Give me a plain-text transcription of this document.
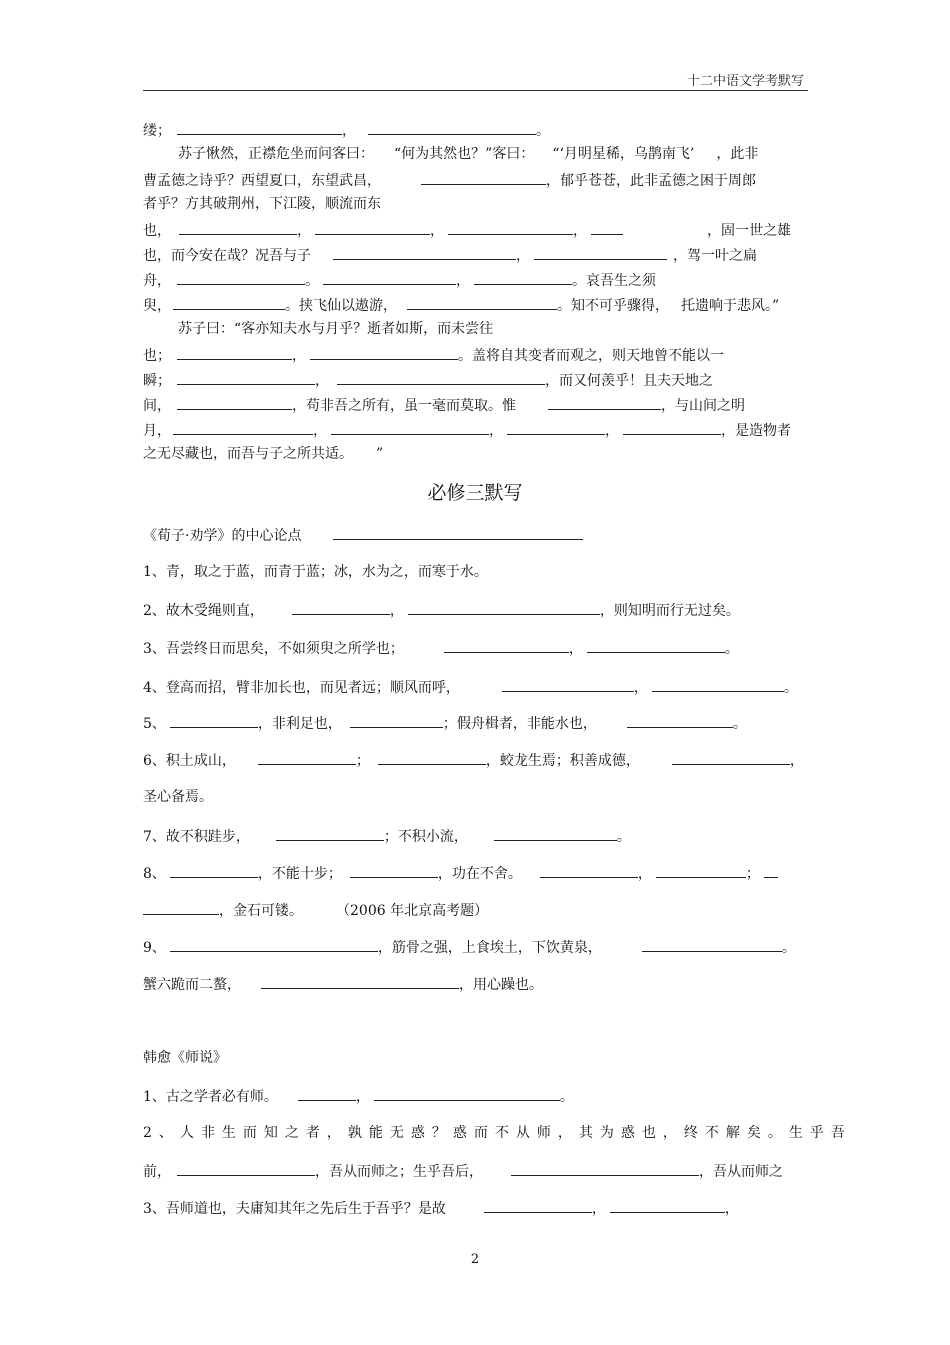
十二中语文学考默写
缕；	，	。
苏子愀然，正襟危坐而问客曰： “何为其然也？”客曰： “‘月明星稀，乌鹊南飞’ ，此非
曹孟德之诗乎？西望夏口，东望武昌，	，郁乎苍苍，此非孟德之困于周郎
者乎？方其破荆州，下江陵，顺流而东
也，	，	，	，	，固一世之雄
也，而今安在哉？况吾与子	，	，驾一叶之扁
舟，	。	，	。哀吾生之须
臾，	。挟飞仙以遨游，	。知不可乎骤得， 托遗响于悲风。”
苏子曰：“客亦知夫水与月乎？逝者如斯，而未尝往
也；	，	。盖将自其变者而观之，则天地曾不能以一
瞬；	，	，而又何羡乎！且夫天地之
间，	，苟非吾之所有，虽一毫而莫取。惟	，与山间之明
月，	，	，	，	，是造物者
之无尽藏也，而吾与子之所共适。 ”
必修三默写
《荀子·劝学》的中心论点
1、青，取之于蓝，而青于蓝；冰，水为之，而寒于水。
2、故木受绳则直，	，	，则知明而行无过矣。
3、吾尝终日而思矣，不如须臾之所学也；	，	。
4、登高而招，臂非加长也，而见者远；顺风而呼，	，	。
5、	，非利足也，	；假舟楫者，非能水也，	。
6、积土成山，	；	，蛟龙生焉；积善成德，	，
圣心备焉。
7、故不积跬步，	；不积小流，	。
8、	，不能十步；	，功在不舍。	，	；
，金石可镂。	（2006 年北京高考题）
9、	，筋骨之强，上食埃土，下饮黄泉，	。
蟹六跪而二螯，	，用心躁也。
韩愈《师说》
1、古之学者必有师。	，	。
2、人非生而知之者，孰能无惑？惑而不从师，其为惑也，终不解矣。生乎吾
前，	，吾从而师之；生乎吾后，	，吾从而师之
3、吾师道也，夫庸知其年之先后生于吾乎？是故	，	，
2
